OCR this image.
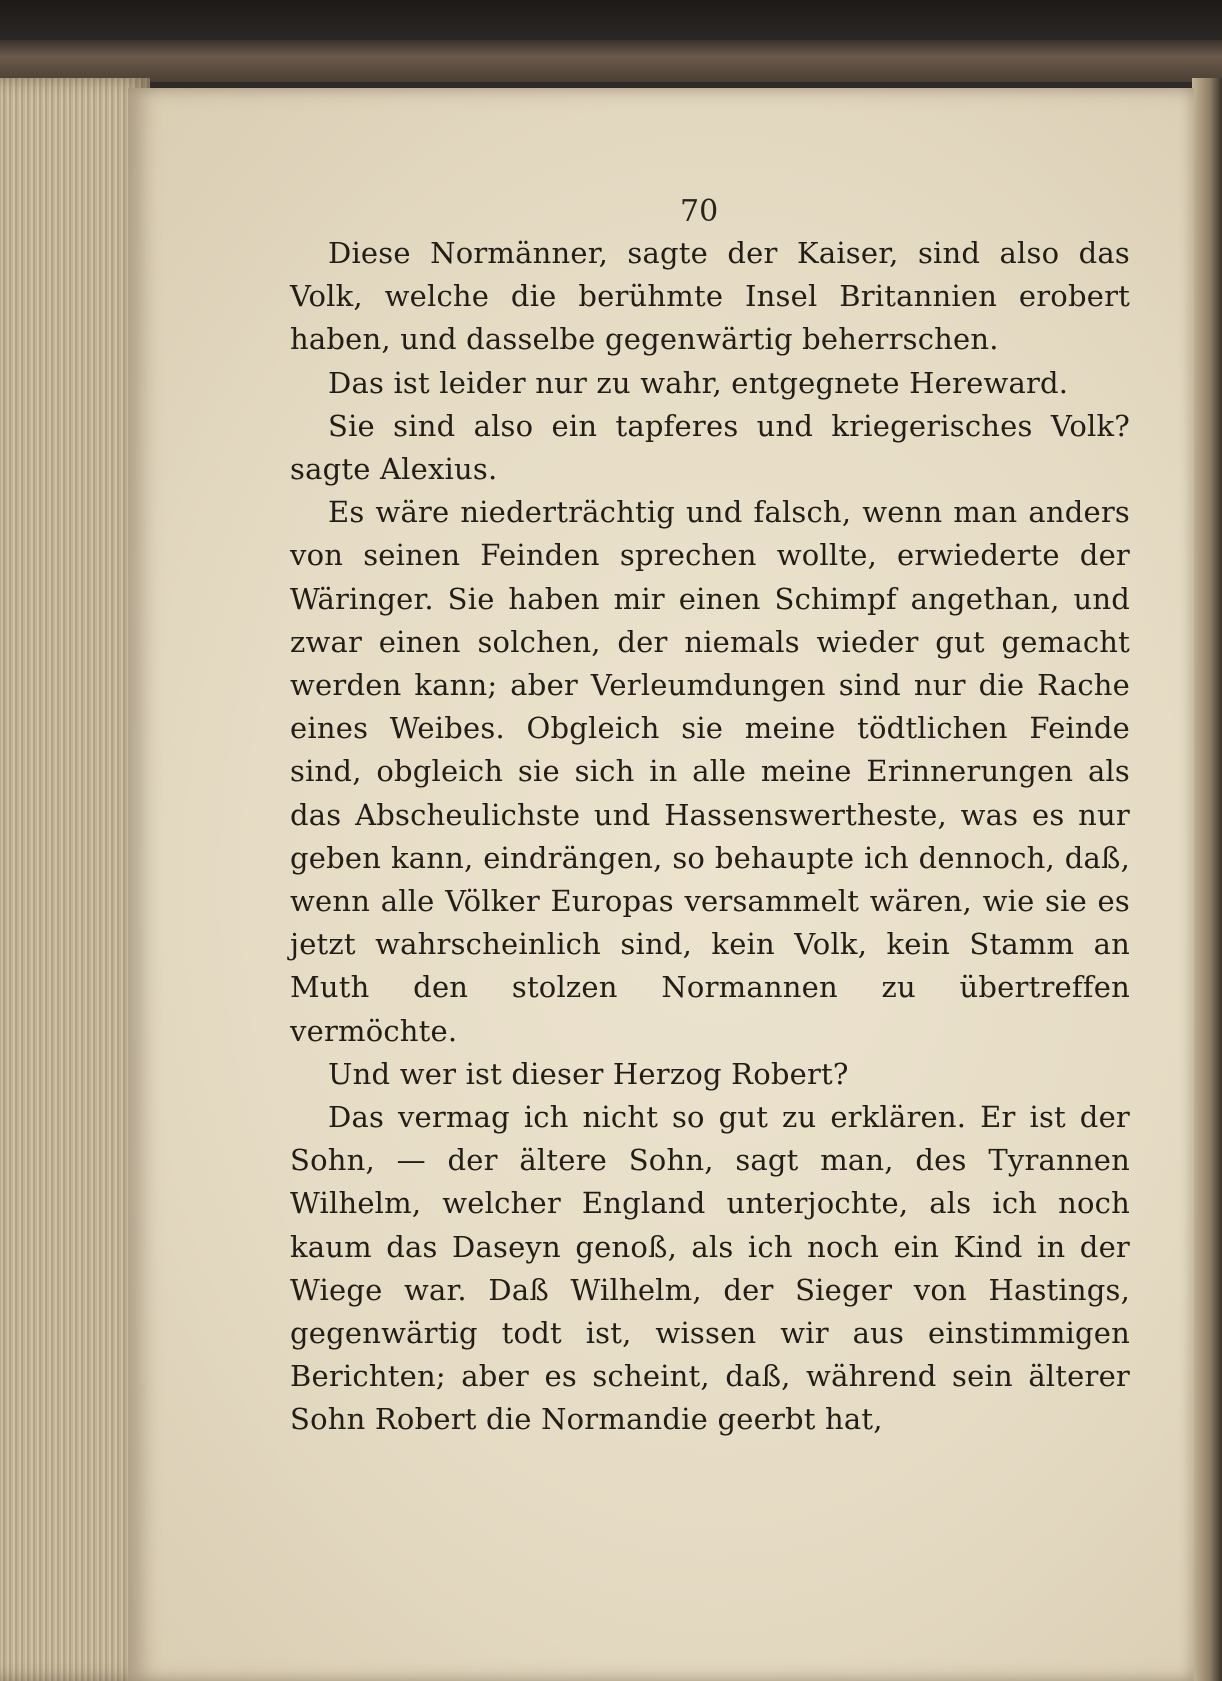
70

Diese Normänner, sagte der Kaiser, sind also das Volk, welche die berühmte Insel Britannien erobert haben, und dasselbe gegenwärtig beherrschen.

Das ist leider nur zu wahr, entgegnete Hereward.

Sie sind also ein tapferes und kriegerisches Volk? sagte Alexius.

Es wäre niederträchtig und falsch, wenn man anders von seinen Feinden sprechen wollte, erwiederte der Wäringer. Sie haben mir einen Schimpf angethan, und zwar einen solchen, der niemals wieder gut gemacht werden kann; aber Verleumdungen sind nur die Rache eines Weibes. Obgleich sie meine tödtlichen Feinde sind, obgleich sie sich in alle meine Erinnerungen als das Abscheulichste und Hassenswertheste, was es nur geben kann, eindrängen, so behaupte ich dennoch, daß, wenn alle Völker Europas versammelt wären, wie sie es jetzt wahrscheinlich sind, kein Volk, kein Stamm an Muth den stolzen Normannen zu übertreffen vermöchte.

Und wer ist dieser Herzog Robert?

Das vermag ich nicht so gut zu erklären. Er ist der Sohn, — der ältere Sohn, sagt man, des Tyrannen Wilhelm, welcher England unterjochte, als ich noch kaum das Daseyn genoß, als ich noch ein Kind in der Wiege war. Daß Wilhelm, der Sieger von Hastings, gegenwärtig todt ist, wissen wir aus einstimmigen Berichten; aber es scheint, daß, während sein älterer Sohn Robert die Normandie geerbt hat,
